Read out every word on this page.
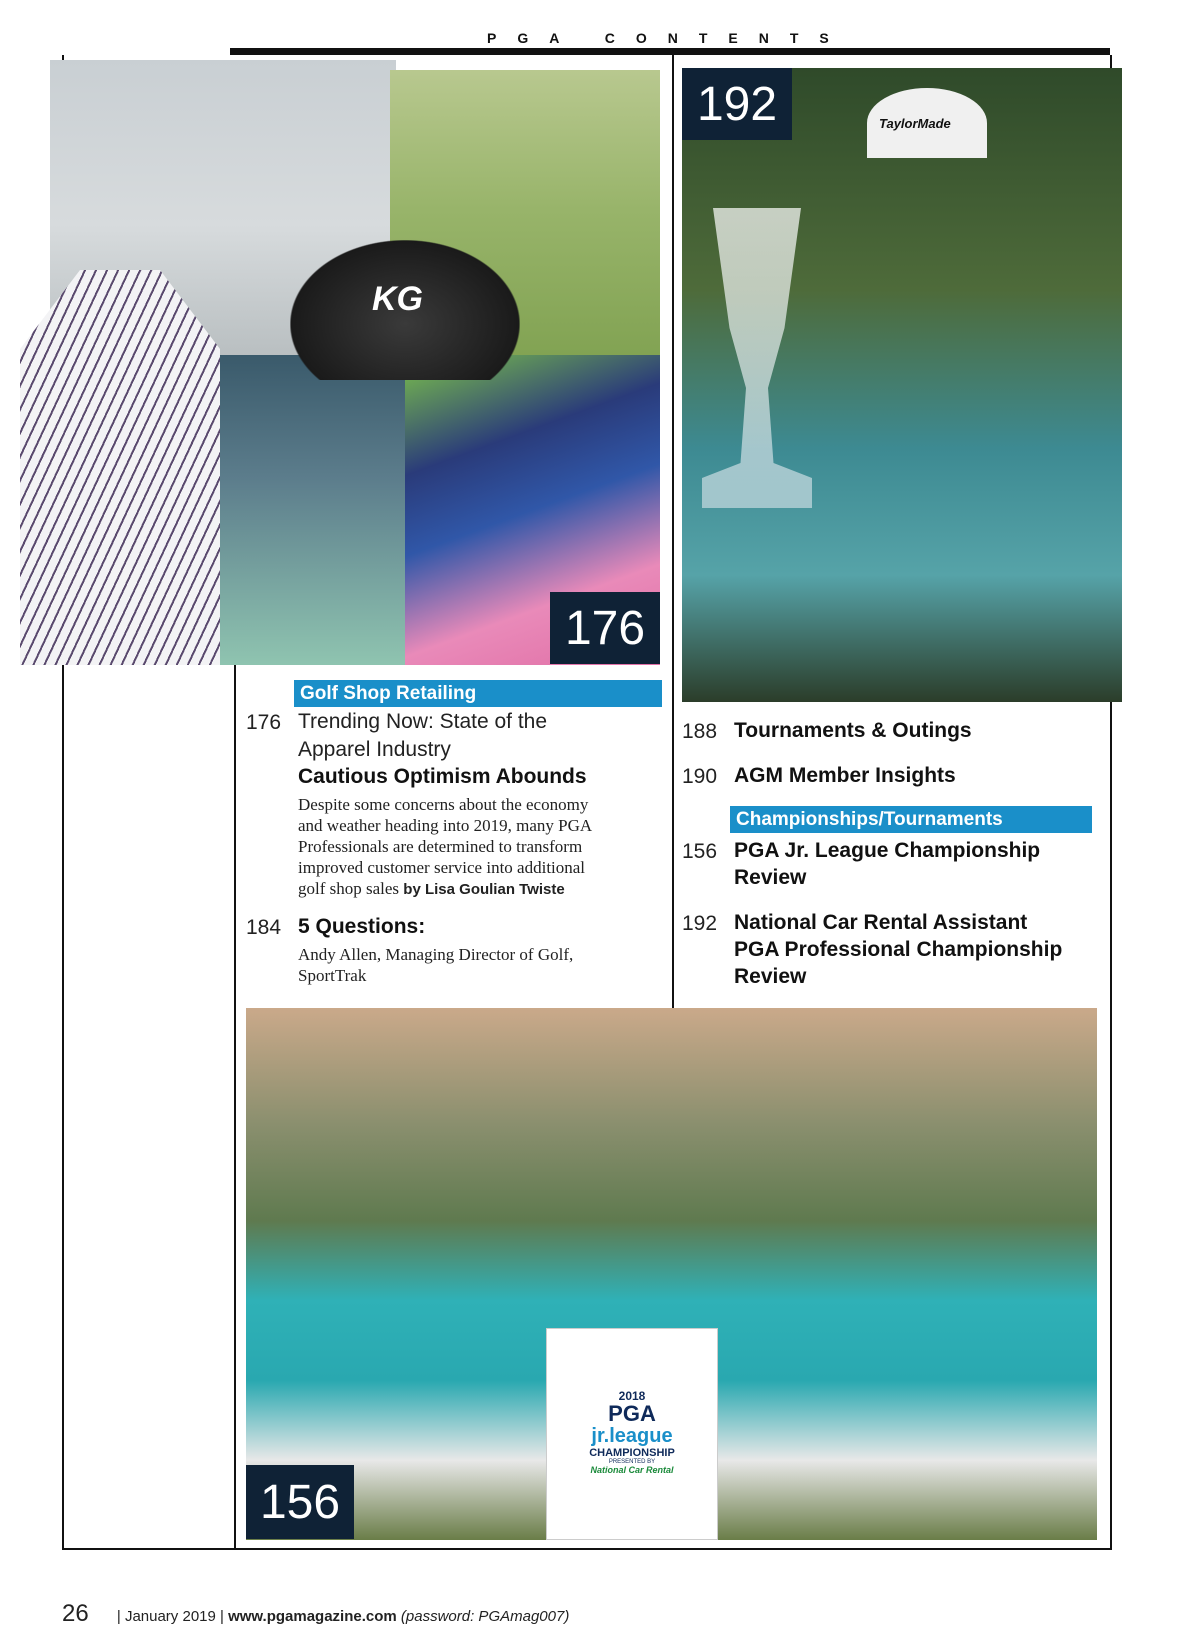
PGA CONTENTS
KG
176
TaylorMade
192
Golf Shop Retailing
176 Trending Now: State of the
Apparel Industry
Cautious Optimism Abounds
Despite some concerns about the economy
and weather heading into 2019, many PGA
Professionals are determined to transform
improved customer service into additional
golf shop sales by Lisa Goulian Twiste
184 5 Questions:
Andy Allen, Managing Director of Golf,
SportTrak
188 Tournaments & Outings
190 AGM Member Insights
Championships/Tournaments
156 PGA Jr. League Championship
Review
192 National Car Rental Assistant
PGA Professional Championship
Review
2018
PGA
jr.league
CHAMPIONSHIP
PRESENTED BY
National Car Rental
156
26 | January 2019 | www.pgamagazine.com (password: PGAmag007)
